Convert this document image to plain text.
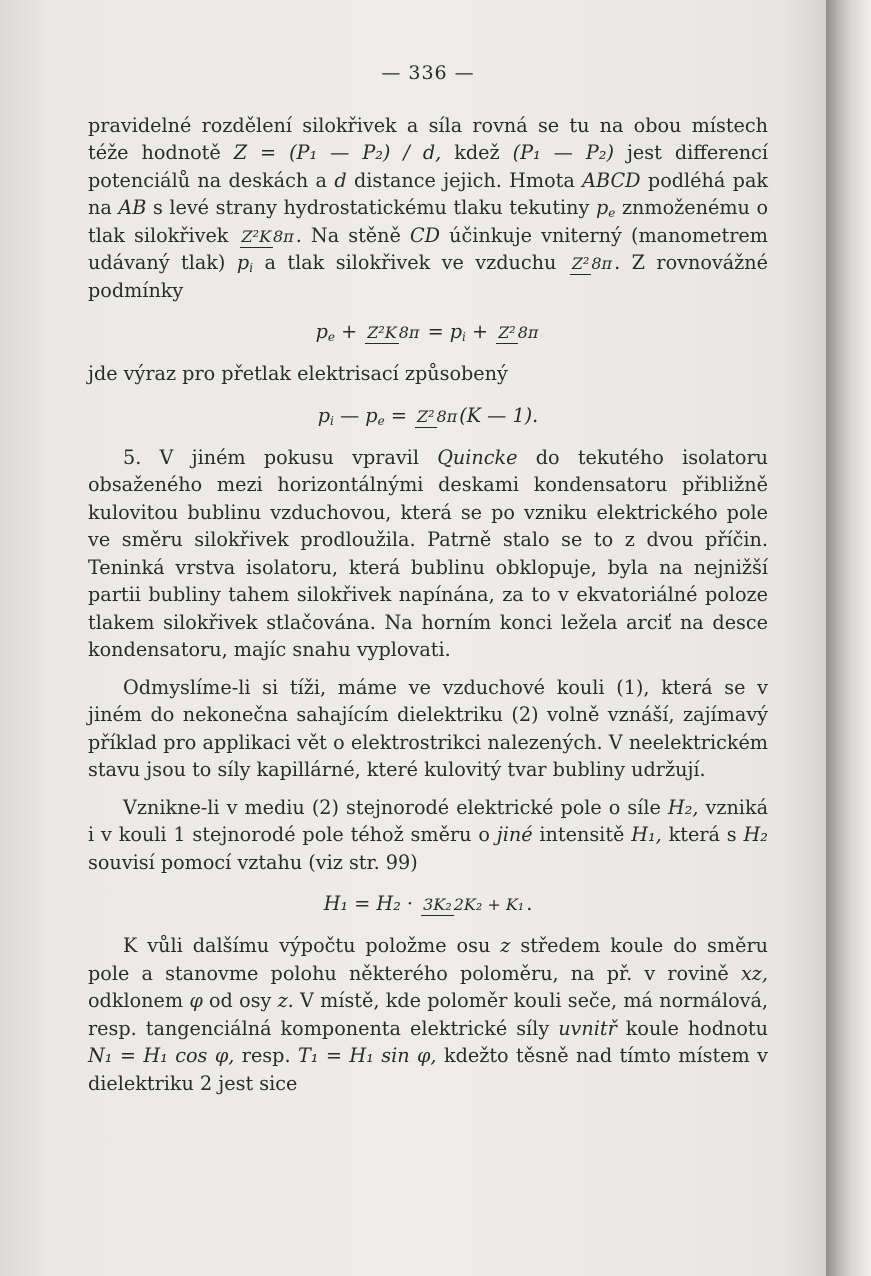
— 336 —

pravidelné rozdělení silokřivek a síla rovná se tu na obou místech téže hodnotě Z = (P₁ — P₂) / d, kdež (P₁ — P₂) jest differencí potenciálů na deskách a d distance jejich. Hmota ABCD podléhá pak na AB s levé strany hydrostatickému tlaku tekutiny $p_e$ znmoženému o tlak silokřivek Z²K 8π . Na stěně CD účinkuje vniterný (manometrem udávaný tlak) $p_i$ a tlak silokřivek ve vzduchu Z² 8π . Z rovnovážné podmínky

$p_e + Z^2K$ $8\pi = p_i + Z^2$ 8π

jde výraz pro přetlak elektrisací způsobený

$p_i$ — $p_e = Z^2$ 8π (K — 1).

5. V jiném pokusu vpravil Quincke do tekutého isolatoru obsaženého mezi horizontálnými deskami kondensatoru přibližně kulovitou bublinu vzduchovou, která se po vzniku elektrického pole ve směru silokřivek prodloužila. Patrně stalo se to z dvou příčin. Teninká vrstva isolatoru, která bublinu obklopuje, byla na nejnižší partii bubliny tahem silokřivek napínána, za to v ekvatoriálné poloze tlakem silokřivek stlačována. Na horním konci ležela arciť na desce kondensatoru, majíc snahu vyplovati.

Odmyslíme-li si tíži, máme ve vzduchové kouli (1), která se v jiném do nekonečna sahajícím dielektriku (2) volně vznáší, zajímavý příklad pro applikaci vět o elektrostrikci nalezených. V neelektrickém stavu jsou to síly kapillárné, které kulovitý tvar bubliny udržují.

Vznikne-li v mediu (2) stejnorodé elektrické pole o síle H₂, vzniká i v kouli 1 stejnorodé pole téhož směru o jiné intensitě H₁, která s H₂ souvisí pomocí vztahu (viz str. 99)

H₁ = H₂ · 3K₂ 2K₂ + K₁ .

K vůli dalšímu výpočtu položme osu z středem koule do směru pole a stanovme polohu některého poloměru, na př. v rovině xz, odklonem φ od osy z. V místě, kde poloměr kouli seče, má normálová, resp. tangenciálná komponenta elektrické síly uvnitř koule hodnotu N₁ = H₁ cos φ, resp. T₁ = H₁ sin φ, kdežto těsně nad tímto místem v dielektriku 2 jest sice
